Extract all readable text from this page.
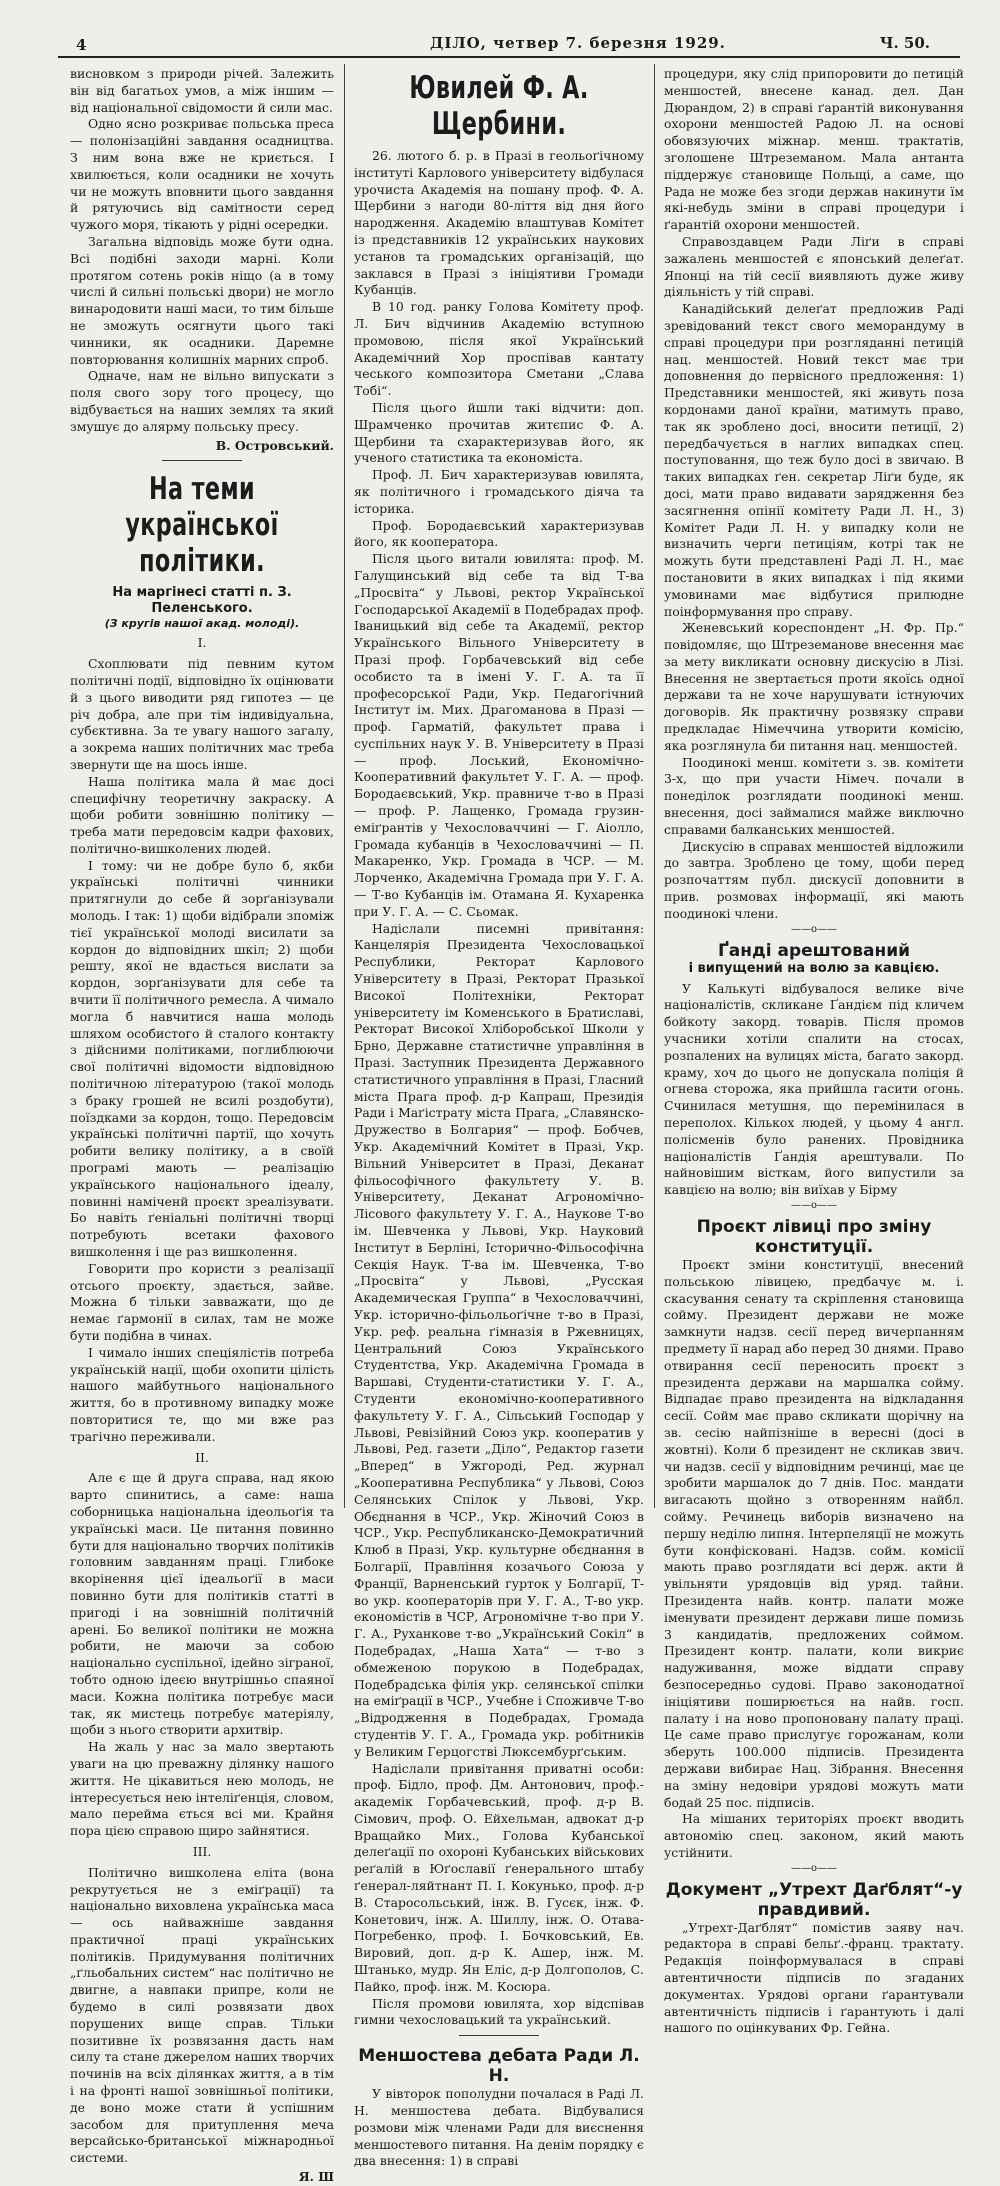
4	ДІЛО, четвер 7. березня 1929.	Ч. 50.

висновком з природи річей. Залежить він від багатьох умов, а між іншим — від національної свідомости й сили мас.

Одно ясно розкриває польська преса — полонізаційні завдання осадництва. З ним вона вже не криється. І хвилюється, коли осадники не хочуть чи не можуть вповнити цього завдання й рятуючись від самітности серед чужого моря, тікають у рідні осередки.

Загальна відповідь може бути одна. Всі подібні заходи марні. Коли протягом сотень років ніщо (а в тому числі й сильні польські двори) не могло винародовити наші маси, то тим більше не зможуть осягнути цього такі чинники, як осадники. Даремне повторювання колишніх марних спроб.

Одначе, нам не вільно випускати з поля свого зору того процесу, що відбувається на наших землях та який змушує до алярму польську пресу.

В. Островський.
На теми української політики.
На маргінесі статті п. З. Пеленського.
(З кругів нашої акад. молоді).
I.

Схоплювати під певним кутом політичні події, відповідно їх оцінювати й з цього виводити ряд гипотез — це річ добра, але при тім індивідуальна, субєктивна. За те увагу нашого загалу, а зокрема наших політичних мас треба звернути ще на шось інше.

Наша політика мала й має досі специфічну теоретичну закраску. А щоби робити зовнішню політику — треба мати передовсім кадри фахових, політично-вишколених людей.

І тому: чи не добре було б, якби українські політичні чинники притягнули до себе й зорґанізували молодь. І так: 1) щоби відібрали зпоміж тієї української молоді висилати за кордон до відповідних шкіл; 2) щоби решту, якої не вдасться вислати за кордон, зорґанізувати для себе та вчити її політичного ремесла. А чимало могла б навчитися наша молодь шляхом особистого й сталого контакту з дійсними політиками, поглиблюючи свої політичні відомости відповідною політичною літературою (такої молодь з браку грошей не всилі роздобути), поїздками за кордон, тощо. Передовсім українські політичні партії, що хочуть робити велику політику, а в своїй програмі мають — реалізацію українського національного ідеалу, повинні наміченй проєкт зреалізувати. Бо навіть ґеніальні політичні творці потребують всетаки фахового вишколення і ще раз вишколення.

Говорити про користи з реалізації отсього проєкту, здається, зайве. Можна б тільки завважати, що де немає ґармонії в силах, там не може бути подібна в чинах.

І чимало інших спеціялістів потреба українській нації, щоби охопити цілість нашого майбутнього національного життя, бо в противному випадку може повторитися те, що ми вже раз трагічно переживали.

II.

Але є ще й друга справа, над якою варто спинитись, а саме: наша соборницька національна ідеольоґія та українські маси. Це питання повинно бути для національно творчих політиків головним завданням праці. Глибоке вкорінення цієї ідеальоґії в маси повинно бути для політиків статті в пригоді і на зовнішній політичній арені. Бо великої політики не можна робити, не маючи за собою національно суспільної, ідейно зіграної, тобто одною ідеєю внутрішньо спаяної маси. Кожна політика потребує маси так, як мистець потребує матеріялу, щоби з нього створити архитвір.

На жаль у нас за мало звертають уваги на цю преважну ділянку нашого життя. Не цікавиться нею молодь, не інтересується нею інтеліґенція, словом, мало перейма ється всі ми. Крайня пора цією справою щиро зайнятися.

III.

Політично вишколена еліта (вона рекрутується не з еміґрації) та національно виховлена українська маса — ось найважніше завдання практичної праці українських політиків. Придумування політичних „ґльобальних систем“ нас політично не двигне, а навпаки припре, коли не будемо в силі розвязати двох порушених вище справ. Тільки позитивне їх розвязання дасть нам силу та стане джерелом наших творчих починів на всіх ділянках життя, а в тім і на фронті нашої зовнішньої політики, де воно може стати й успішним засобом для притуплення меча версайсько-британської міжнародньої системи.

Я. Ш
Ювилей Ф. А. Щербини.

26. лютого б. р. в Празі в геольоґічному інституті Карлового університету відбулася урочиста Академія на пошану проф. Ф. А. Щербини з нагоди 80-ліття від дня його народження. Академію влаштував Комітет із представників 12 українських наукових установ та громадських організацій, що заклався в Празі з ініціятиви Громади Кубанців.

В 10 год. ранку Голова Комітету проф. Л. Бич відчинив Академію вступною промовою, після якої Український Академічний Хор проспівав кантату чеського композитора Сметани „Слава Тобі“.

Після цього йшли такі відчити: доп. Шрамченко прочитав житєпис Ф. А. Щербини та схарактеризував його, як ученого статистика та економіста.

Проф. Л. Бич характеризував ювилята, як політичного і громадського діяча та історика.

Проф. Бородаєвський характеризував його, як кооператора.

Після цього витали ювилята: проф. М. Галущинський від себе та від Т-ва „Просвіта“ у Львові, ректор Української Господарської Академії в Подебрадах проф. Іваницький від себе та Академії, ректор Українського Вільного Університету в Празі проф. Горбачевський від себе особисто та в імені У. Г. А. та її професорської Ради, Укр. Педагогічний Інститут ім. Мих. Драгоманова в Празі — проф. Гарматій, факультет права і суспільних наук У. В. Університету в Празі — проф. Лоський, Економічно-Кооперативний факультет У. Г. А. — проф. Бородаєвський, Укр. правниче т-во в Празі — проф. Р. Лащенко, Громада грузин-еміґрантів у Чехословаччині — Г. Аіолло, Громада кубанців в Чехословаччині — П. Макаренко, Укр. Громада в ЧСР. — М. Лорченко, Академічна Громада при У. Г. А. — Т-во Кубанців ім. Отамана Я. Кухаренка при У. Г. А. — С. Сьомак.

Надіслали писемні привітання: Канцелярія Президента Чехословацької Республики, Ректорат Карлового Університету в Празі, Ректорат Празької Високої Політехніки, Ректорат університету ім Коменського в Братиславі, Ректорат Високої Хліборобської Школи у Брно, Державне статистичне управління в Празі. Заступник Президента Державного статистичного управління в Празі, Гласний міста Прага проф. д-р Капраш, Президія Ради і Маґістрату міста Прага, „Славянско-Дружество в Болгария“ — проф. Бобчев, Укр. Академічний Комітет в Празі, Укр. Вільний Університет в Празі, Деканат фільософічного факультету У. В. Університету, Деканат Агрономічно-Лісового факультету У. Г. А., Наукове Т-во ім. Шевченка у Львові, Укр. Науковий Інститут в Берліні, Історично-Фільософічна Секція Наук. Т-ва ім. Шевченка, Т-во „Просвіта“ у Львові, „Русская Академическая Группа“ в Чехословаччині, Укр. історично-фільольоґічне т-во в Празі, Укр. реф. реальна ґімназія в Ржевницях, Центральний Союз Українського Студентства, Укр. Академічна Громада в Варшаві, Студенти-статистики У. Г. А., Студенти економічно-кооперативного факультету У. Г. А., Сільський Господар у Львові, Ревізійний Союз укр. кооператив у Львові, Ред. газети „Діло“, Редактор газети „Вперед“ в Ужгороді, Ред. журнал „Кооперативна Республика“ у Львові, Союз Селянських Спілок у Львові, Укр. Обєднання в ЧСР., Укр. Жіночий Союз в ЧСР., Укр. Республиканско-Демократичний Клюб в Празі, Укр. культурне обєднання в Болгарії, Правління козачього Союза у Франції, Варненський гурток у Болгарії, Т-во укр. кооператорів при У. Г. А., Т-во укр. економістів в ЧСР, Агрономічне т-во при У. Г. А., Руханкове т-во „Український Сокіл“ в Подебрадах, „Наша Хата“ — т-во з обмеженою порукою в Подебрадах, Подебрадська філія укр. селянської спілки на еміґрації в ЧСР., Учебне і Споживче Т-во „Відродження в Подебрадах, Громада студентів У. Г. А., Громада укр. робітників у Великим Герцогстві Люксембурґським.

Надіслали привітання приватні особи: проф. Бідло, проф. Дм. Антонович, проф.-академік Горбачевський, проф. д-р В. Сімович, проф. О. Ейхельман, адвокат д-р Вращайко Мих., Голова Кубанської делеґації по охороні Кубанських військових реґалій в Юґославії ґенерального штабу ґенерал-ляйтнант П. І. Кокунько, проф. д-р В. Старосольський, інж. В. Гусєк, інж. Ф. Конетович, інж. А. Шиллу, інж. О. Отава-Погребенко, проф. І. Бочковський, Ев. Вировий, доп. д-р К. Ашер, інж. М. Штанько, мудр. Ян Еліс, д-р Долгополов, С. Пайко, проф. інж. М. Косюра.

Після промови ювилята, хор відспівав гимни чехословацький та український.

Меншостева дебата Ради Л. Н.

У вівторок пополудни почалася в Раді Л. Н. меншостева дебата. Відбувалися розмови між членами Ради для виєснення меншостевого питання. На денім порядку є два внесення: 1) в справі

процедури, яку слід припоровити до петицій меншостей, внесене канад. дел. Дан Дюрандом, 2) в справі ґарантій виконування охорони меншостей Радою Л. на основі обовязуючих міжнар. менш. трактатів, зголошене Штреземаном. Мала антанта піддержує становище Польщі, а саме, що Рада не може без згоди держав накинути їм які-небудь зміни в справі процедури і ґарантій охорони меншостей.

Справоздавцем Ради Ліґи в справі зажалень меншостей є японський делеґат. Японці на тій сесії виявляють дуже живу діяльність у тій справі.

Канадійський делеґат предложив Раді зревідований текст свого меморандуму в справі процедури при розгляданні петицій нац. меншостей. Новий текст має три доповнення до первісного предложення: 1) Представники меншостей, які живуть поза кордонами даної країни, матимуть право, так як зроблено досі, вносити петиції, 2) передбачується в наглих випадках спец. поступовання, що теж було досі в звичаю. В таких випадках ґен. секретар Ліґи буде, як досі, мати право видавати зарядження без засягнення опінії комітету Ради Л. Н., 3) Комітет Ради Л. Н. у випадку коли не визначить черги петиціям, котрі так не можуть бути представлені Раді Л. Н., має постановити в яких випадках і під якими умовинами має відбутися прилюдне поінформування про справу.

Женевський кореспондент „Н. Фр. Пр.“ повідомляє, що Штреземанове внесення має за мету викликати основну дискусію в Лізі. Внесення не звертається проти якоїсь одної держави та не хоче нарушувати істнуючих договорів. Як практичну розвязку справи предкладає Німеччина утворити комісію, яка розглянула би питання нац. меншостей.

Поодинокі менш. комітети з. зв. комітети 3-х, що при участи Німеч. почали в понеділок розглядати поодинокі менш. внесення, досі займалися майже виключно справами балканських меншостей.

Дискусію в справах меншостей відложили до завтра. Зроблено це тому, щоби перед розпочаттям публ. дискусії доповнити в прив. розмовах інформації, які мають поодинокі члени.

——o——
Ґанді арештований
і випущений на волю за кавцією.

У Калькуті відбувалося велике віче націоналістів, скликане Ґандієм під кличем бойкоту закорд. товарів. Після промов учасники хотіли спалити на стосах, розпалених на вулицях міста, багато закорд. краму, хоч до цього не допускала поліція й огнева сторожа, яка прийшла гасити огонь. Счинилася метушня, що перемінилася в переполох. Кількох людей, у цьому 4 англ. полісменів було ранених. Провідника націоналістів Ґандія арештували. По найновішим вісткам, його випустили за кавцією на волю; він виїхав у Бірму

——o——
Проєкт лівиці про зміну конституції.

Проєкт зміни конституції, внесений польською лівицею, предбачує м. і. скасування сенату та скріплення становища сойму. Президент держави не може замкнути надзв. сесії перед вичерпанням предмету її нарад або перед 30 днями. Право отвирання сесії переносить проєкт з президента держави на маршалка сойму. Відпадає право президента на відкладання сесії. Сойм має право скликати щорічну на зв. сесію найпізніше в вересні (досі в жовтні). Коли б президент не скликав звич. чи надзв. сесії у відповідним речинці, має це зробити маршалок до 7 днів. Пос. мандати вигасають щойно з отворенням найбл. сойму. Речинець виборів визначено на першу неділю липня. Інтерпеляції не можуть бути конфіскованi. Надзв. сойм. комісії мають право розглядати всі держ. акти й увільняти урядовців від уряд. тайни. Президента найв. контр. палати може іменувати президент держави лише помизь 3 кандидатів, предложених соймом. Президент контр. палати, коли викриє надуживання, може віддати справу безпосередньо судові. Право законодатної ініціятиви поширюється на найв. госп. палату і на ново пропоновану палату праці. Це саме право прислугує горожанам, коли зберуть 100.000 підписів. Президента держави вибирає Нац. Зібрання. Внесення на зміну недовіри урядові можуть мати бодай 25 пос. підписів.

На мішаних територіях проєкт вводить автономію спец. законом, який мають устійнити.

——o——
Документ „Утрехт Даґблят“-у правдивий.

„Утрехт-Даґблят“ помістив заяву нач. редактора в справі бельґ.-франц. трактату. Редакція поінформувалася в справі автентичности підписів по згаданих документах. Урядові органи ґарантували автентичність підписів і ґарантують і далі нашого по оцінкуваних Фр. Гейна.
